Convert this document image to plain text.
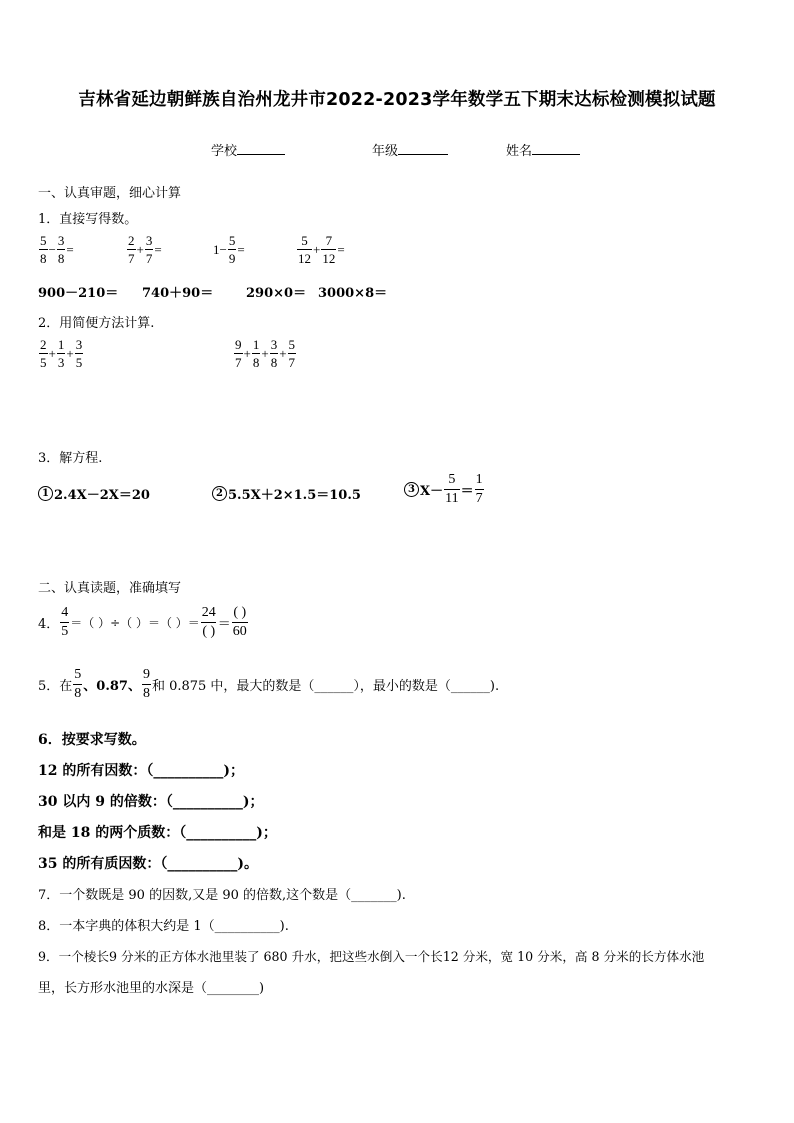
吉林省延边朝鲜族自治州龙井市2022-2023学年数学五下期末达标检测模拟试题
学校	年级	姓名
一、认真审题，细心计算
1．直接写得数。
$\frac{5}{8} - \frac{3}{8}$ =	$\frac{2}{7} + \frac{3}{7}$ =	$1- \frac{5}{9}$ =	$\frac{5}{12} + \frac{7}{12}$ =
900－210＝ 740＋90＝	290×0＝ 3000×8＝
2．用简便方法计算.
$\frac{2}{5} + \frac{1}{3} + \frac{3}{5}$	$\frac{9}{7} + \frac{1}{8} + \frac{3}{8} + \frac{5}{7}$
3．解方程.
1 2.4X－2X＝20	2 5.5X＋2×1.5＝10.5	3 $X- \frac{5}{11} = \frac{1}{7}$
二、认真读题，准确填写
4． $\frac{4}{5}$ ＝（ ）÷（ ）＝（ ）＝ $\frac{24}{( )} = \frac{( )}{60}$
5．在 $\frac{5}{8}$ 、0.87、 $\frac{9}{8}$ 和 0.875 中，最大的数是（______），最小的数是（______).
6．按要求写数。
12 的所有因数：（__________)；
30 以内 9 的倍数：（__________)；
和是 18 的两个质数：（__________)；
35 的所有质因数：（__________)。
7．一个数既是 90 的因数,又是 90 的倍数,这个数是（_______).
8．一本字典的体积大约是 1（__________).
9．一个棱长9 分米的正方体水池里装了 680 升水，把这些水倒入一个长12 分米，宽 10 分米，高 8 分米的长方体水池
里，长方形水池里的水深是（________)
